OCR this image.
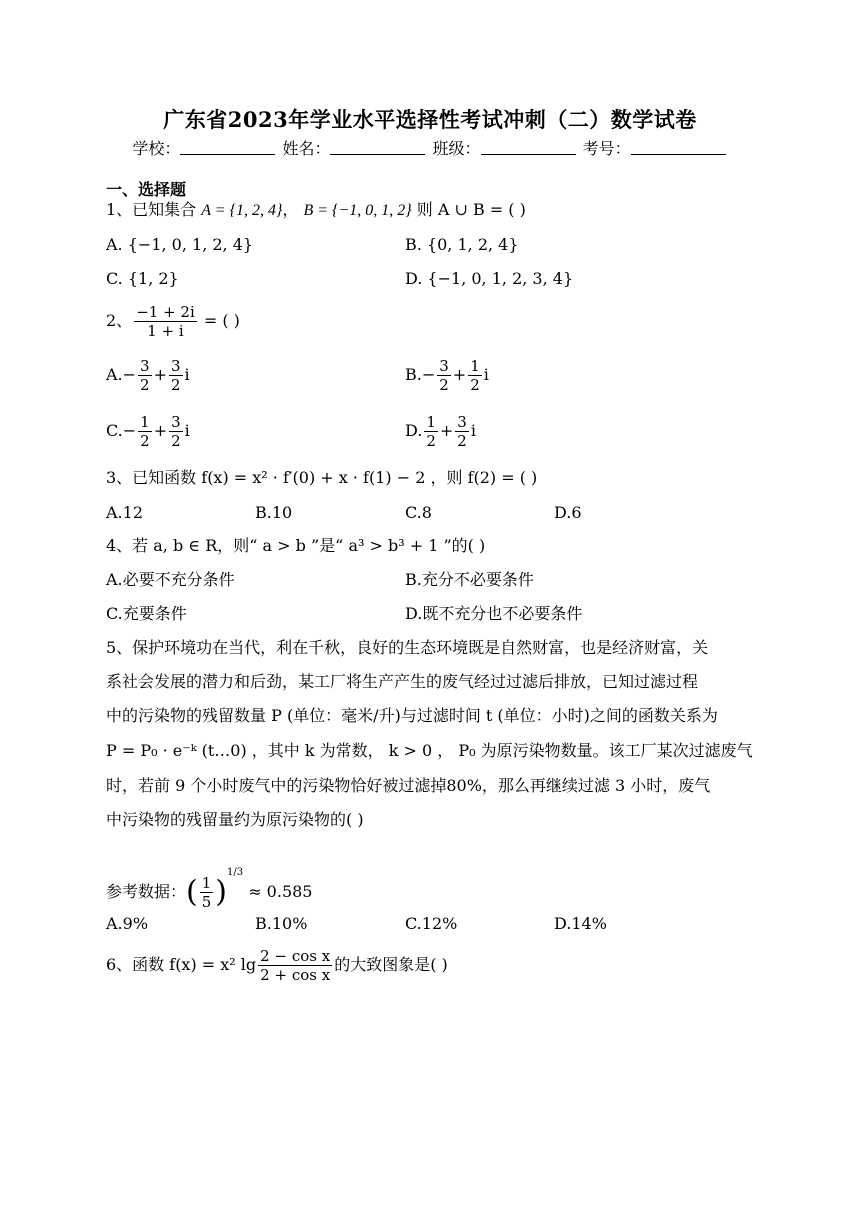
广东省2023年学业水平选择性考试冲刺（二）数学试卷
学校：	姓名：	班级：	考号：
一、选择题
1、已知集合 A = {1, 2, 4}， B = {−1, 0, 1, 2} 则 A ∪ B = ( )
A. {−1, 0, 1, 2, 4}	B. {0, 1, 2, 4}
C. {1, 2}	D. {−1, 0, 1, 2, 3, 4}
2、 $\frac{-1 + 2i}{1 + i}$ = ( )
$A.- \frac{3}{2} + \frac{3}{2}$ i	$B.- \frac{3}{2} + \frac{1}{2}$ i
$C.- \frac{1}{2} + \frac{3}{2}$ i	D. $\frac{1}{2} + \frac{3}{2}$ i
3、已知函数 f(x) = x² · f′(0) + x · f(1) − 2 ，则 f(2) = ( )
A.12	B.10	C.8	D.6
4、若 a, b ∈ R，则“ a > b ”是“ a³ > b³ + 1 ”的( )
A.必要不充分条件	B.充分不必要条件
C.充要条件	D.既不充分也不必要条件
5、保护环境功在当代，利在千秋，良好的生态环境既是自然财富，也是经济财富，关
系社会发展的潜力和后劲，某工厂将生产产生的废气经过过滤后排放，已知过滤过程
中的污染物的残留数量 P (单位：毫米/升)与过滤时间 t (单位：小时)之间的函数关系为
P = P₀ · e⁻ᵏ (t…0) ，其中 k 为常数， k > 0 ， P₀ 为原污染物数量。该工厂某次过滤废气
时，若前 9 个小时废气中的污染物恰好被过滤掉80%，那么再继续过滤 3 小时，废气
中污染物的残留量约为原污染物的( )
参考数据：( $\frac{1}{5} )^{1/3} \approx 0.585$
A.9%	B.10%	C.12%	D.14%
6、函数 f(x) = x² $\lg \frac{\text{2 − cos x}}{\text{2 + cos x}}$ 的大致图象是( )
